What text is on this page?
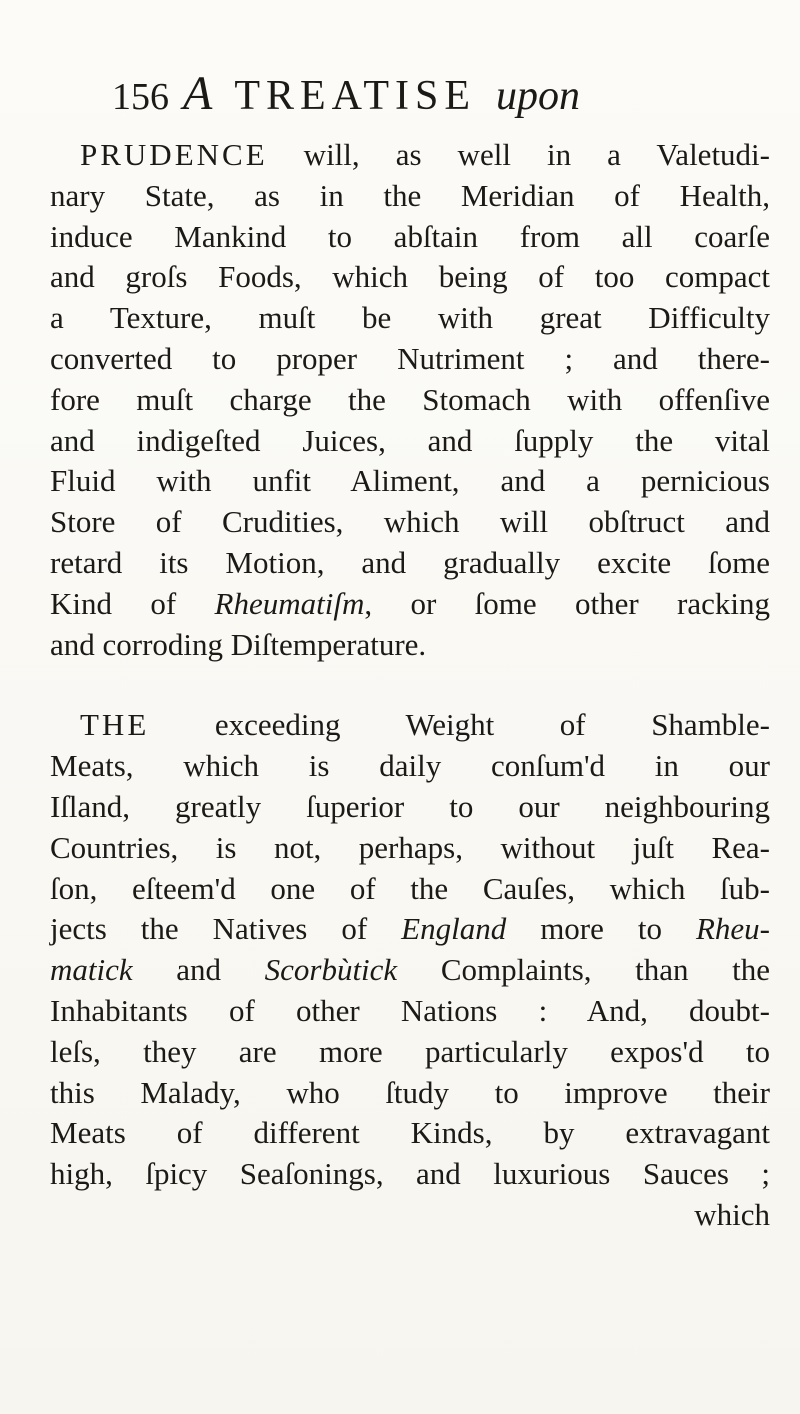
156 A TREATISE upon
PRUDENCE will, as well in a Valetudi-
nary State, as in the Meridian of Health,
induce Mankind to abſtain from all coarſe
and groſs Foods, which being of too compact
a Texture, muſt be with great Difficulty
converted to proper Nutriment ; and there-
fore muſt charge the Stomach with offenſive
and indigeſted Juices, and ſupply the vital
Fluid with unfit Aliment, and a pernicious
Store of Crudities, which will obſtruct and
retard its Motion, and gradually excite ſome
Kind of Rheumatiſm, or ſome other racking
and corroding Diſtemperature.
THE exceeding Weight of Shamble-
Meats, which is daily conſum'd in our
Iſland, greatly ſuperior to our neighbouring
Countries, is not, perhaps, without juſt Rea-
ſon, eſteem'd one of the Cauſes, which ſub-
jects the Natives of England more to Rheu-
matick and Scorbùtick Complaints, than the
Inhabitants of other Nations : And, doubt-
leſs, they are more particularly expos'd to
this Malady, who ſtudy to improve their
Meats of different Kinds, by extravagant
high, ſpicy Seaſonings, and luxurious Sauces ;
which
